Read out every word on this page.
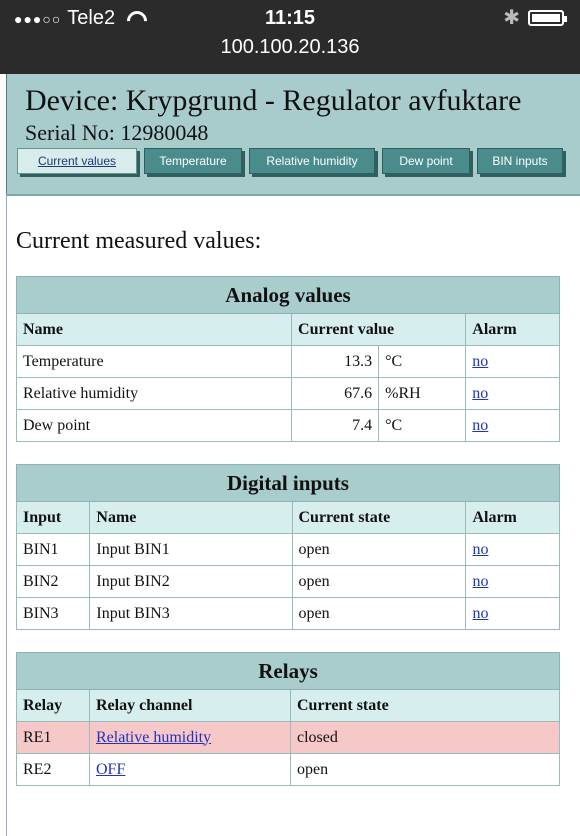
●●●○○ Tele2	11:15
100.100.20.136
✱
Device: Krypgrund - Regulator avfuktare
Serial No: 12980048
Current values	Temperature	Relative humidity	Dew point	BIN inputs
Current measured values:
Analog values			
Name	Current value		Alarm
Temperature	13.3	°C	no
Relative humidity	67.6	%RH	no
Dew point	7.4	°C	no
Digital inputs			
Input	Name	Current state	Alarm
BIN1	Input BIN1	open	no
BIN2	Input BIN2	open	no
BIN3	Input BIN3	open	no
Relays		
Relay	Relay channel	Current state
RE1	Relative humidity	closed
RE2	OFF	open
